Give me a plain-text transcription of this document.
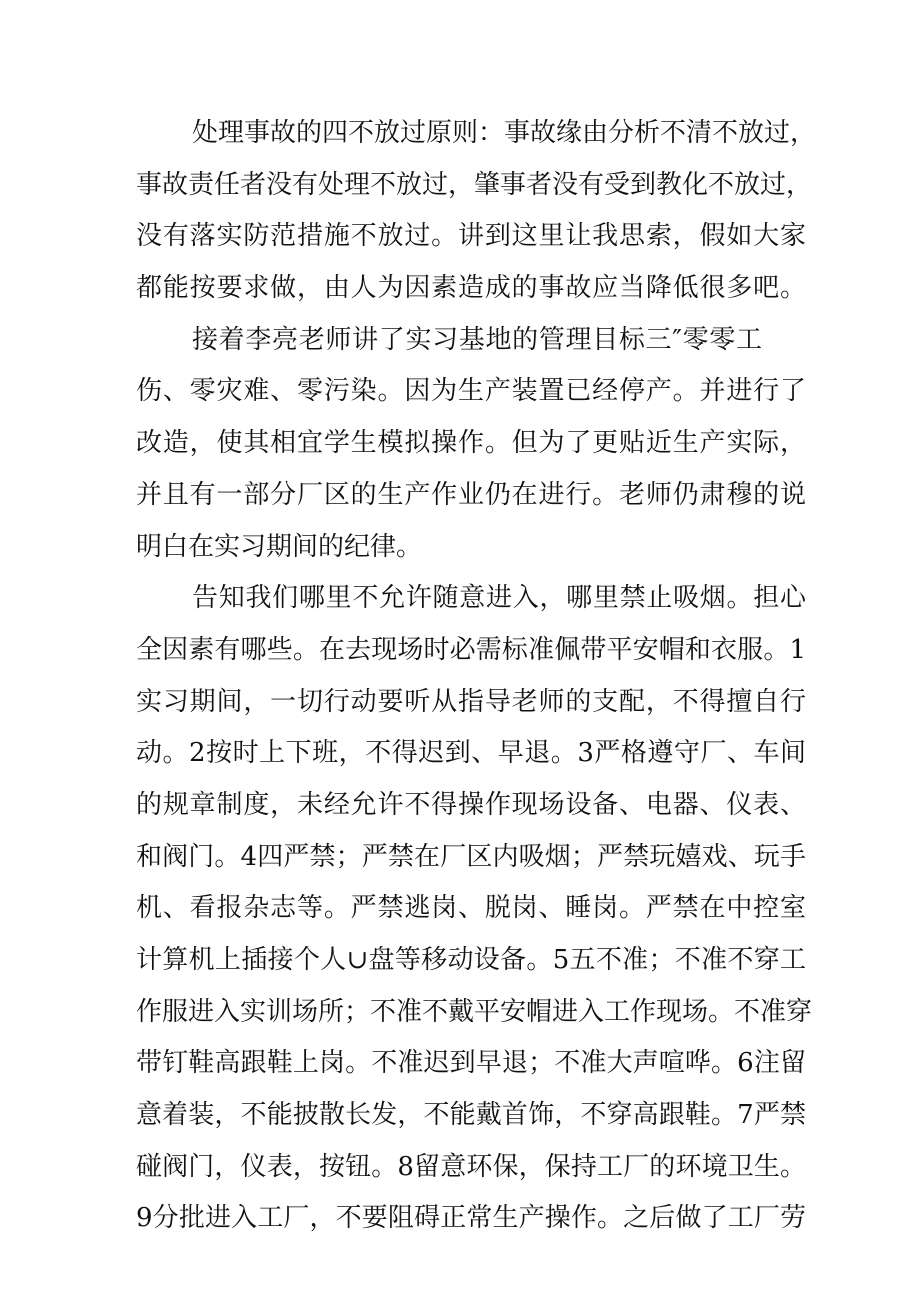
处理事故的四不放过原则：事故缘由分析不清不放过，
事故责任者没有处理不放过，肇事者没有受到教化不放过，
没有落实防范措施不放过。讲到这里让我思索，假如大家
都能按要求做，由人为因素造成的事故应当降低很多吧。
接着李亮老师讲了实习基地的管理目标三″零零工
伤、零灾难、零污染。因为生产装置已经停产。并进行了
改造，使其相宜学生模拟操作。但为了更贴近生产实际，
并且有一部分厂区的生产作业仍在进行。老师仍肃穆的说
明白在实习期间的纪律。
告知我们哪里不允许随意进入，哪里禁止吸烟。担心
全因素有哪些。在去现场时必需标准佩带平安帽和衣服。1
实习期间，一切行动要听从指导老师的支配，不得擅自行
动。2按时上下班，不得迟到、早退。3严格遵守厂、车间
的规章制度，未经允许不得操作现场设备、电器、仪表、
和阀门。4四严禁；严禁在厂区内吸烟；严禁玩嬉戏、玩手
机、看报杂志等。严禁逃岗、脱岗、睡岗。严禁在中控室
计算机上插接个人∪盘等移动设备。5五不准；不准不穿工
作服进入实训场所；不准不戴平安帽进入工作现场。不准穿
带钉鞋高跟鞋上岗。不准迟到早退；不准大声喧哗。6注留
意着装，不能披散长发，不能戴首饰，不穿高跟鞋。7严禁
碰阀门，仪表，按钮。8留意环保，保持工厂的环境卫生。
9分批进入工厂，不要阻碍正常生产操作。之后做了工厂劳
